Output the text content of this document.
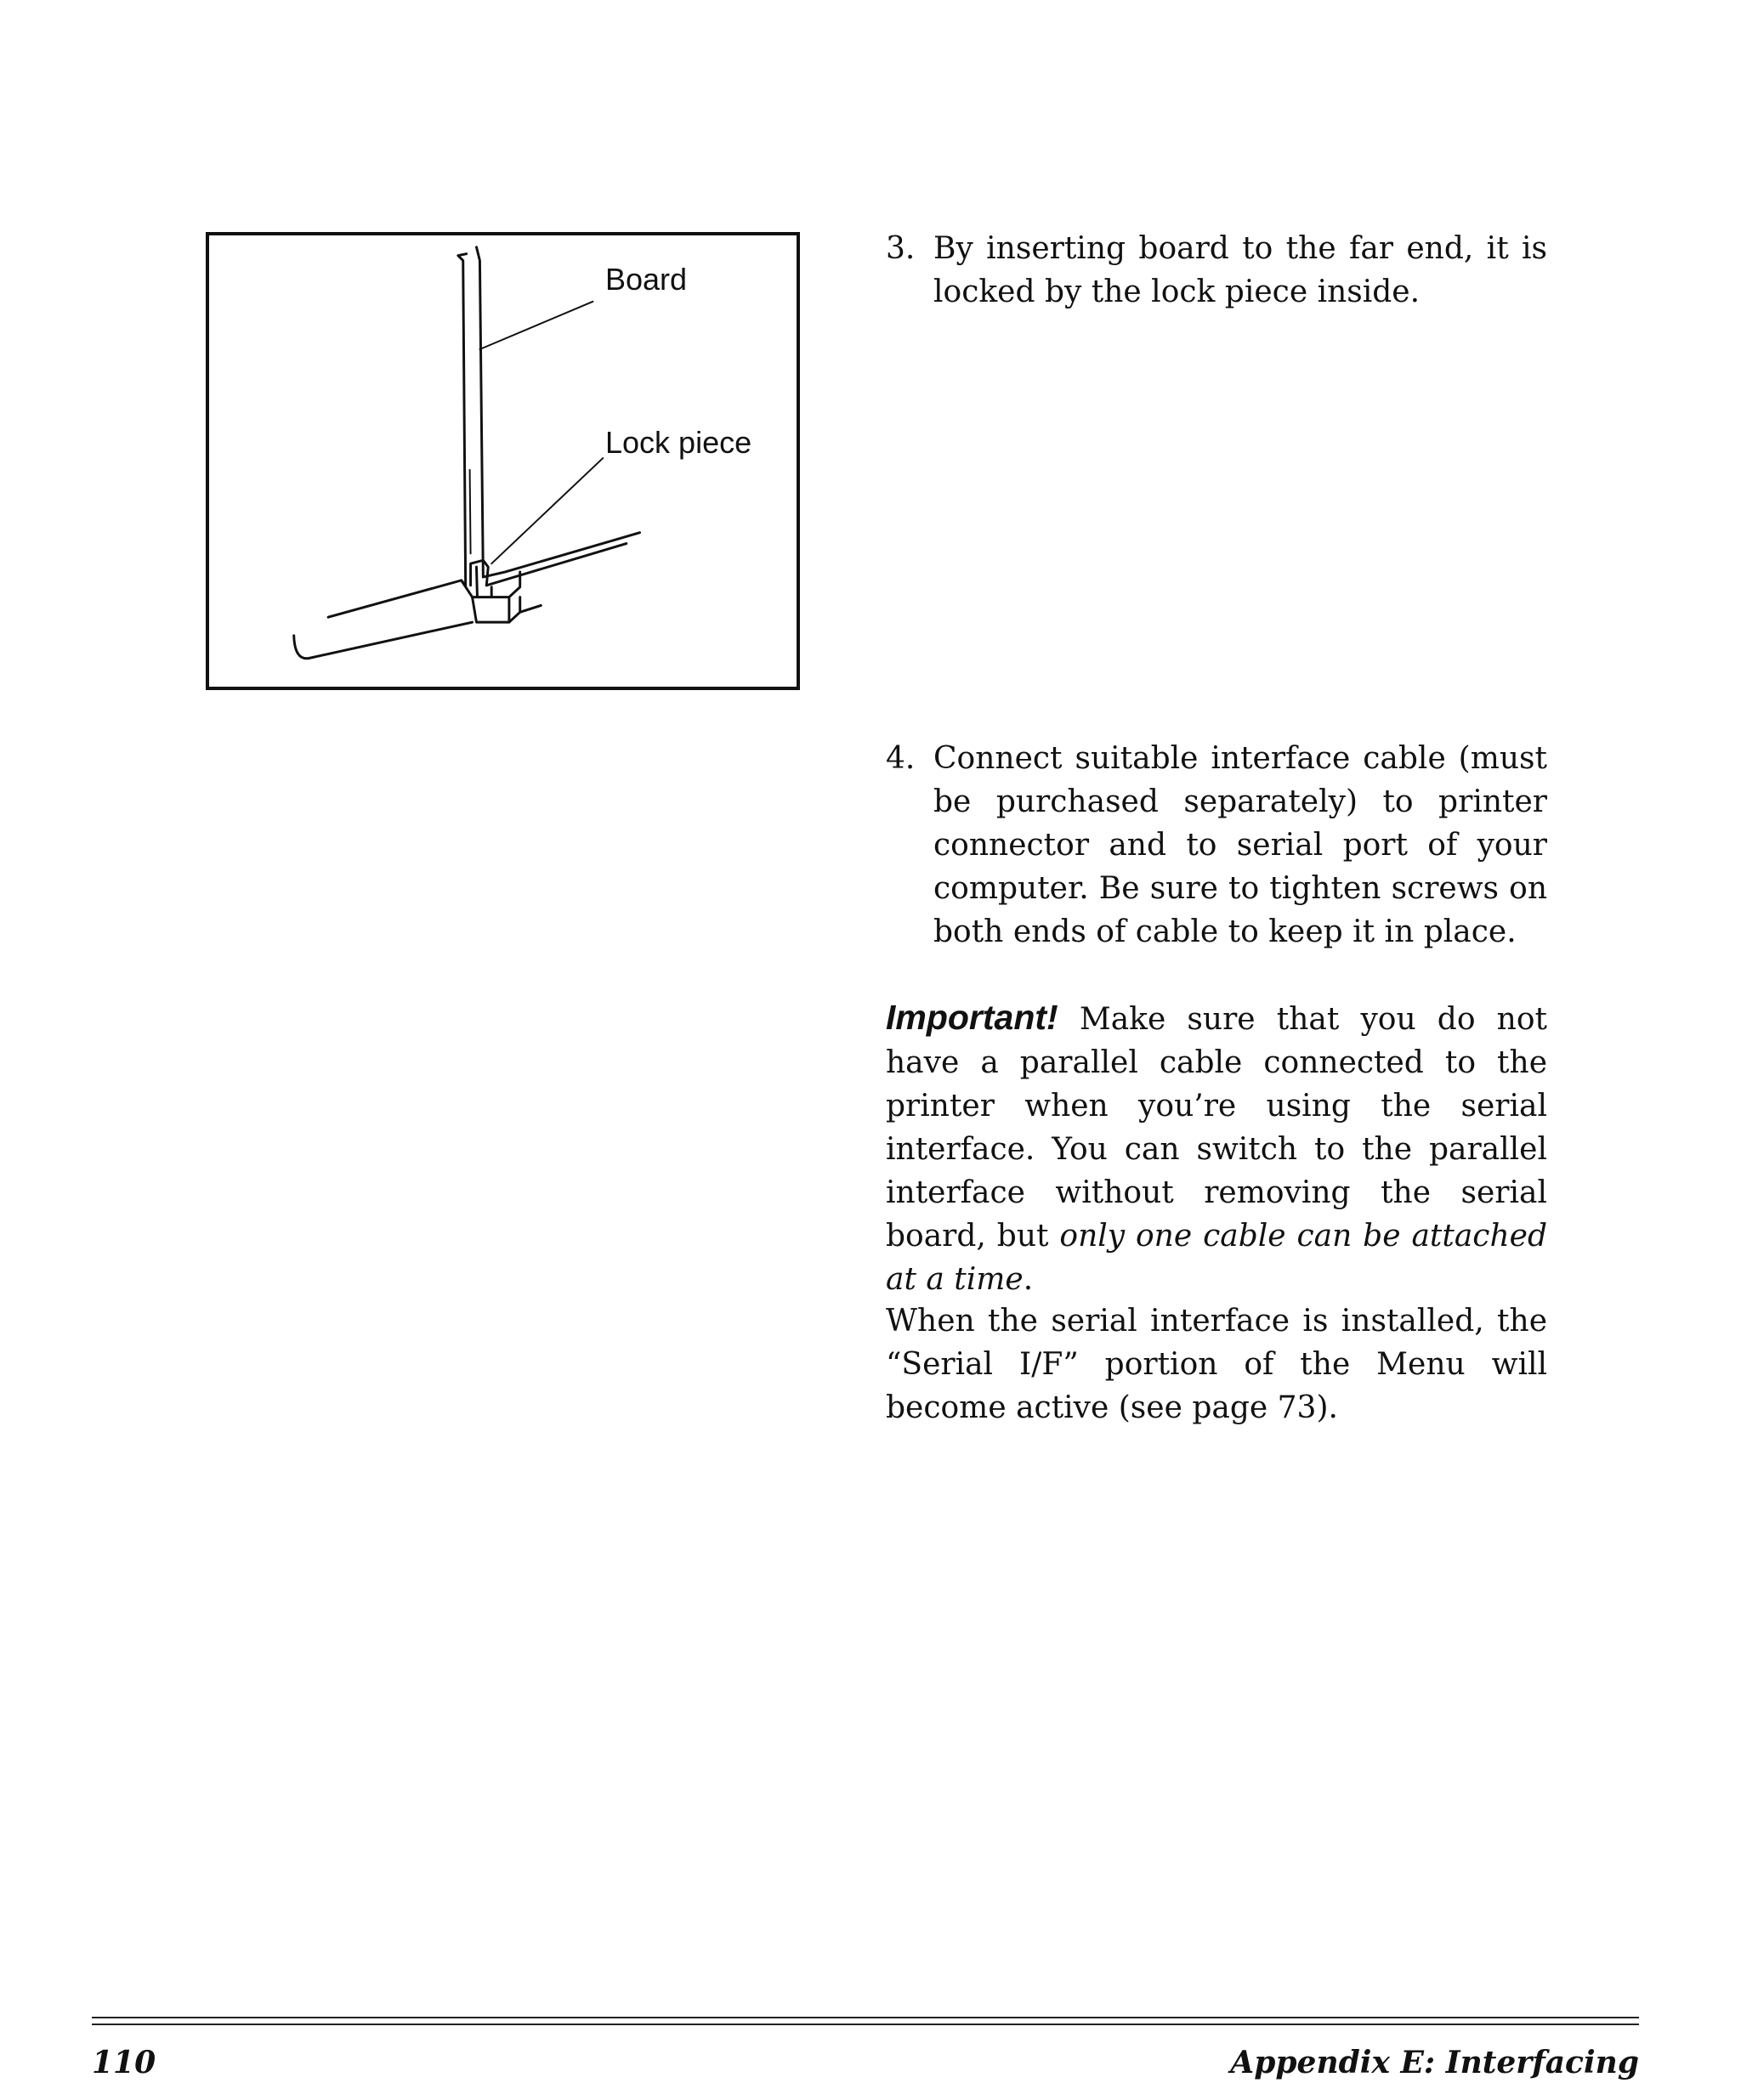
Board
Lock piece
3. By inserting board to the far end, it is locked by the lock piece inside.
4. Connect suitable interface cable (must be purchased separately) to printer connector and to serial port of your computer. Be sure to tighten screws on both ends of cable to keep it in place.

Important! Make sure that you do not have a parallel cable connected to the printer when you’re using the serial interface. You can switch to the parallel interface without removing the serial board, but only one cable can be attached at a time.

When the serial interface is installed, the “Serial I/F” portion of the Menu will become active (see page 73).

110	Appendix E: Interfacing
